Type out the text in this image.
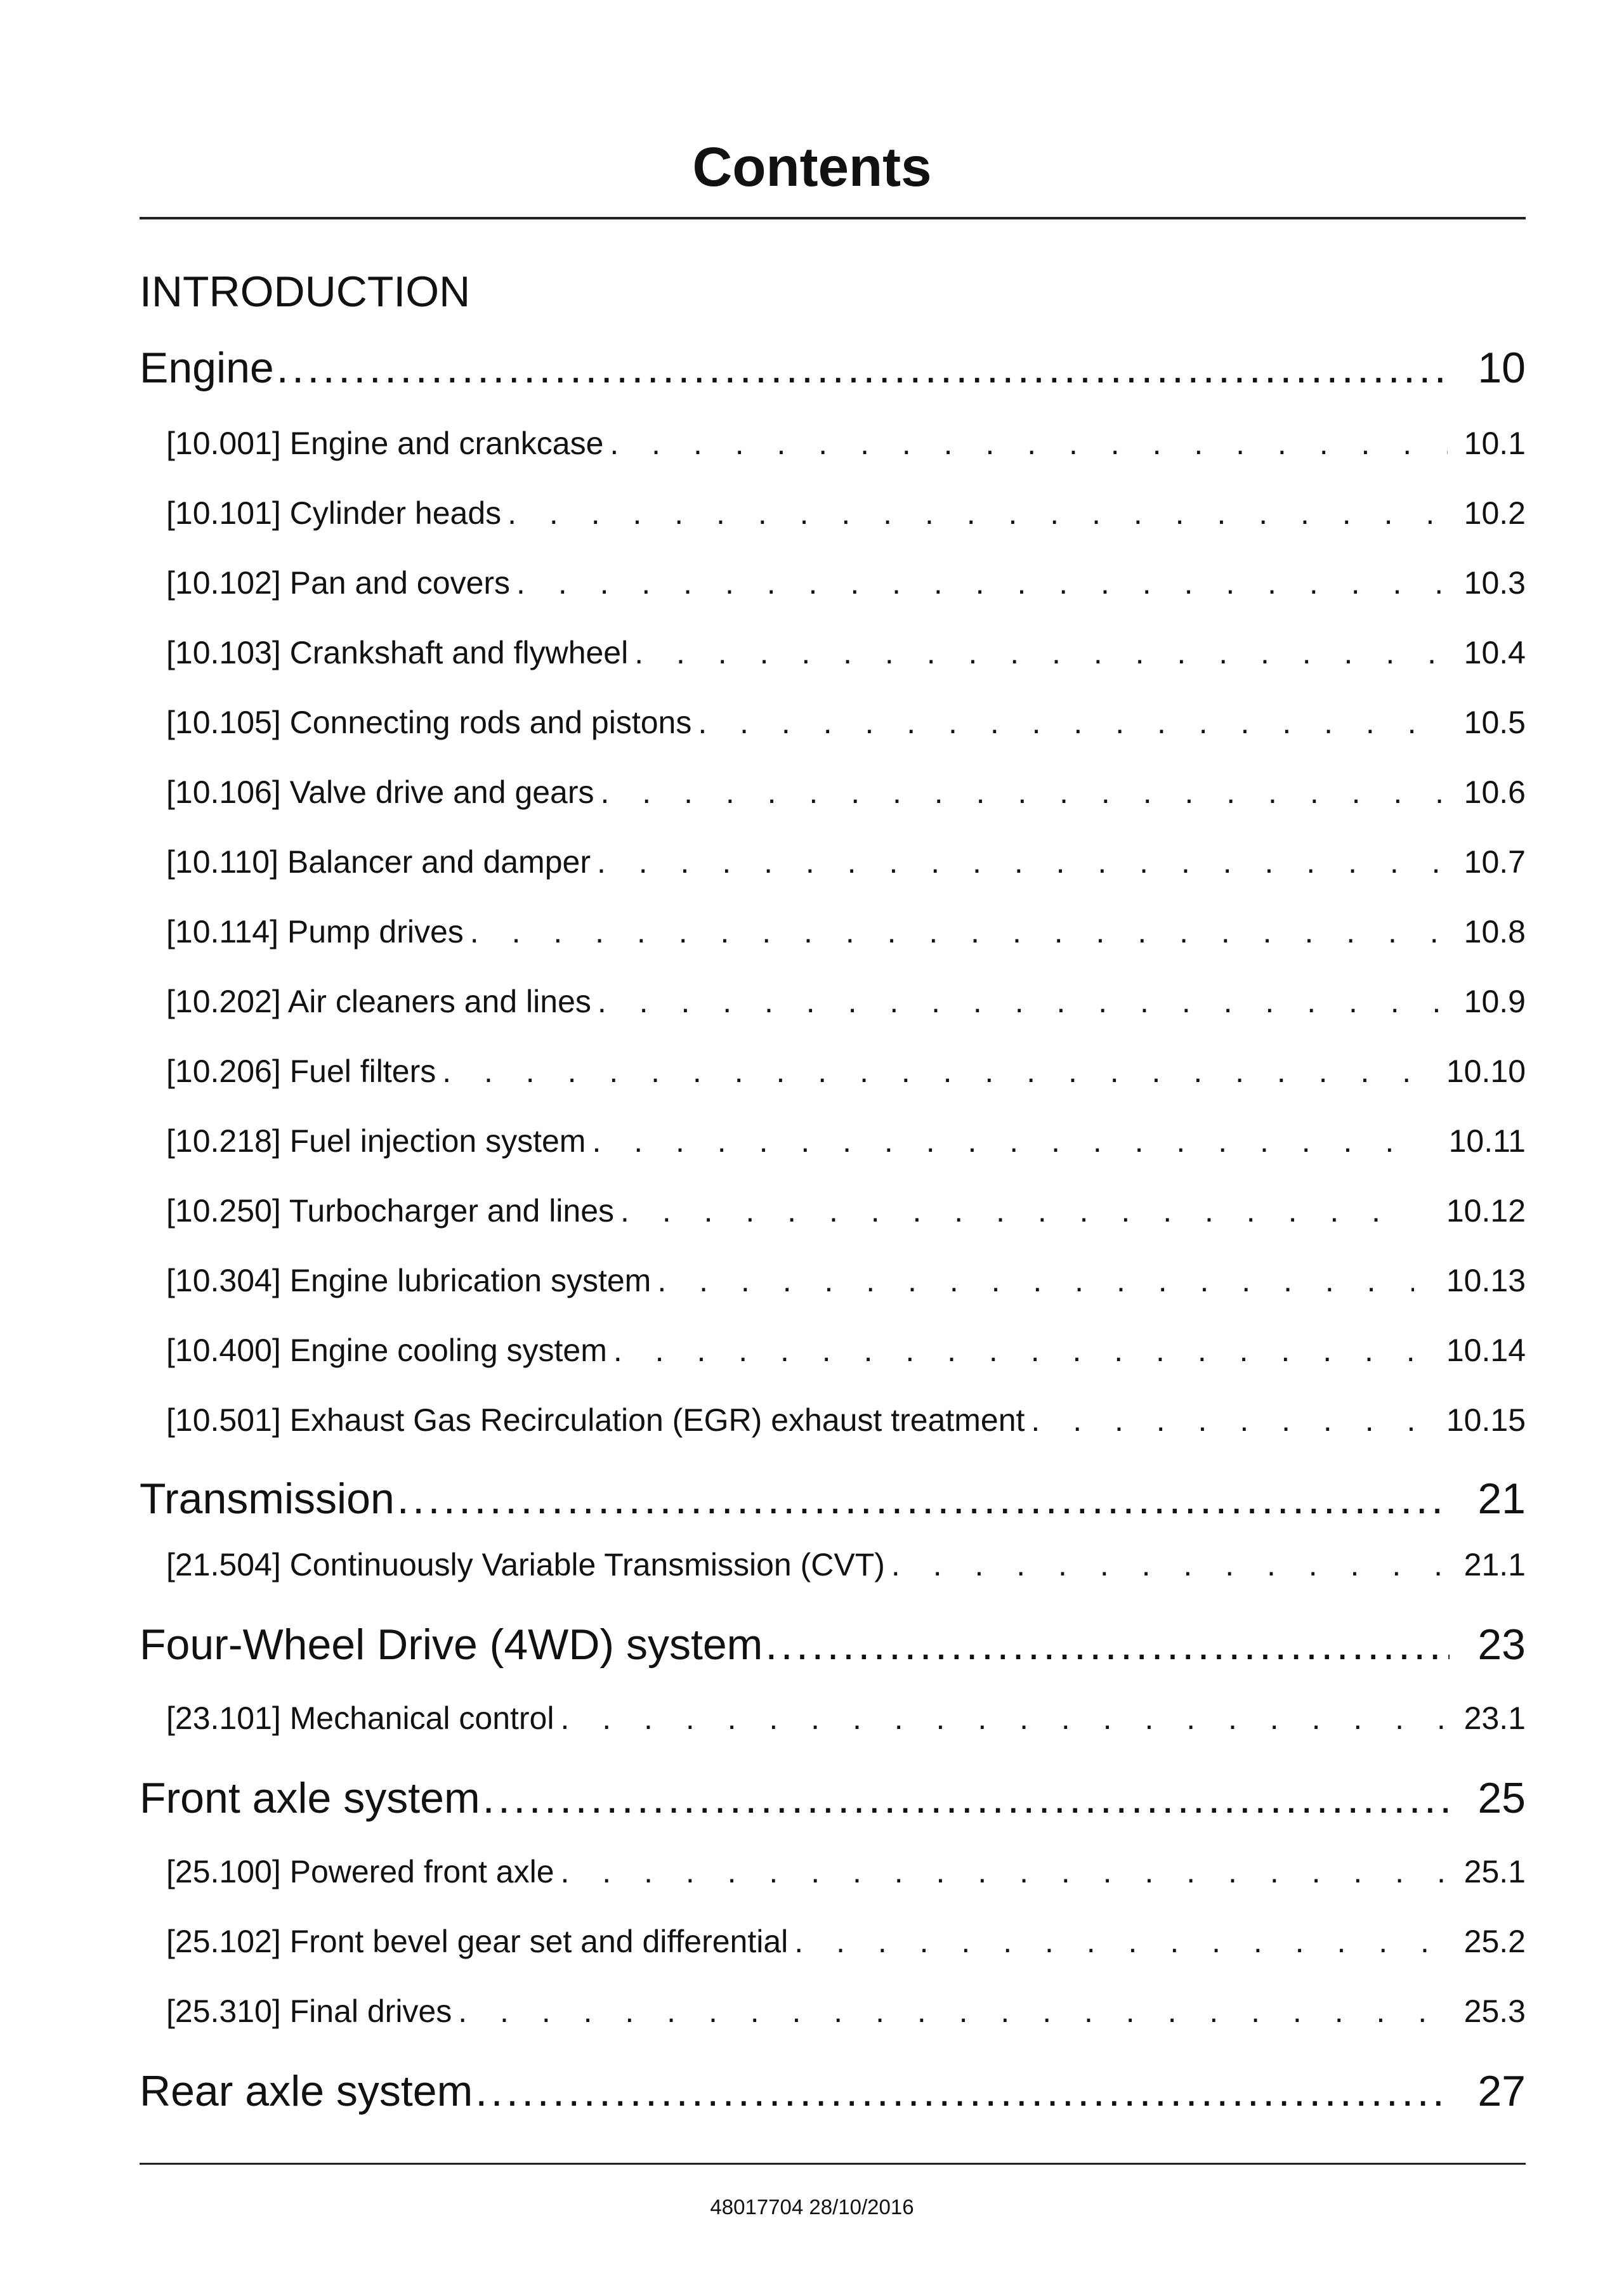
Contents
INTRODUCTION
Engine .....	10
[10.001] Engine and crankcase . . .	10.1
[10.101] Cylinder heads . . .	10.2
[10.102] Pan and covers . . .	10.3
[10.103] Crankshaft and flywheel . . .	10.4
[10.105] Connecting rods and pistons . . .	10.5
[10.106] Valve drive and gears . . .	10.6
[10.110] Balancer and damper . . .	10.7
[10.114] Pump drives . . .	10.8
[10.202] Air cleaners and lines . . .	10.9
[10.206] Fuel filters . . .	10.10
[10.218] Fuel injection system . . .	10.11
[10.250] Turbocharger and lines . . .	10.12
[10.304] Engine lubrication system . . .	10.13
[10.400] Engine cooling system . . .	10.14
[10.501] Exhaust Gas Recirculation (EGR) exhaust treatment . . .	10.15
Transmission .....	21
[21.504] Continuously Variable Transmission (CVT) . . .	21.1
Four-Wheel Drive (4WD) system .....	23
[23.101] Mechanical control . . .	23.1
Front axle system .....	25
[25.100] Powered front axle . . .	25.1
[25.102] Front bevel gear set and differential . . .	25.2
[25.310] Final drives . . .	25.3
Rear axle system .....	27
48017704 28/10/2016
